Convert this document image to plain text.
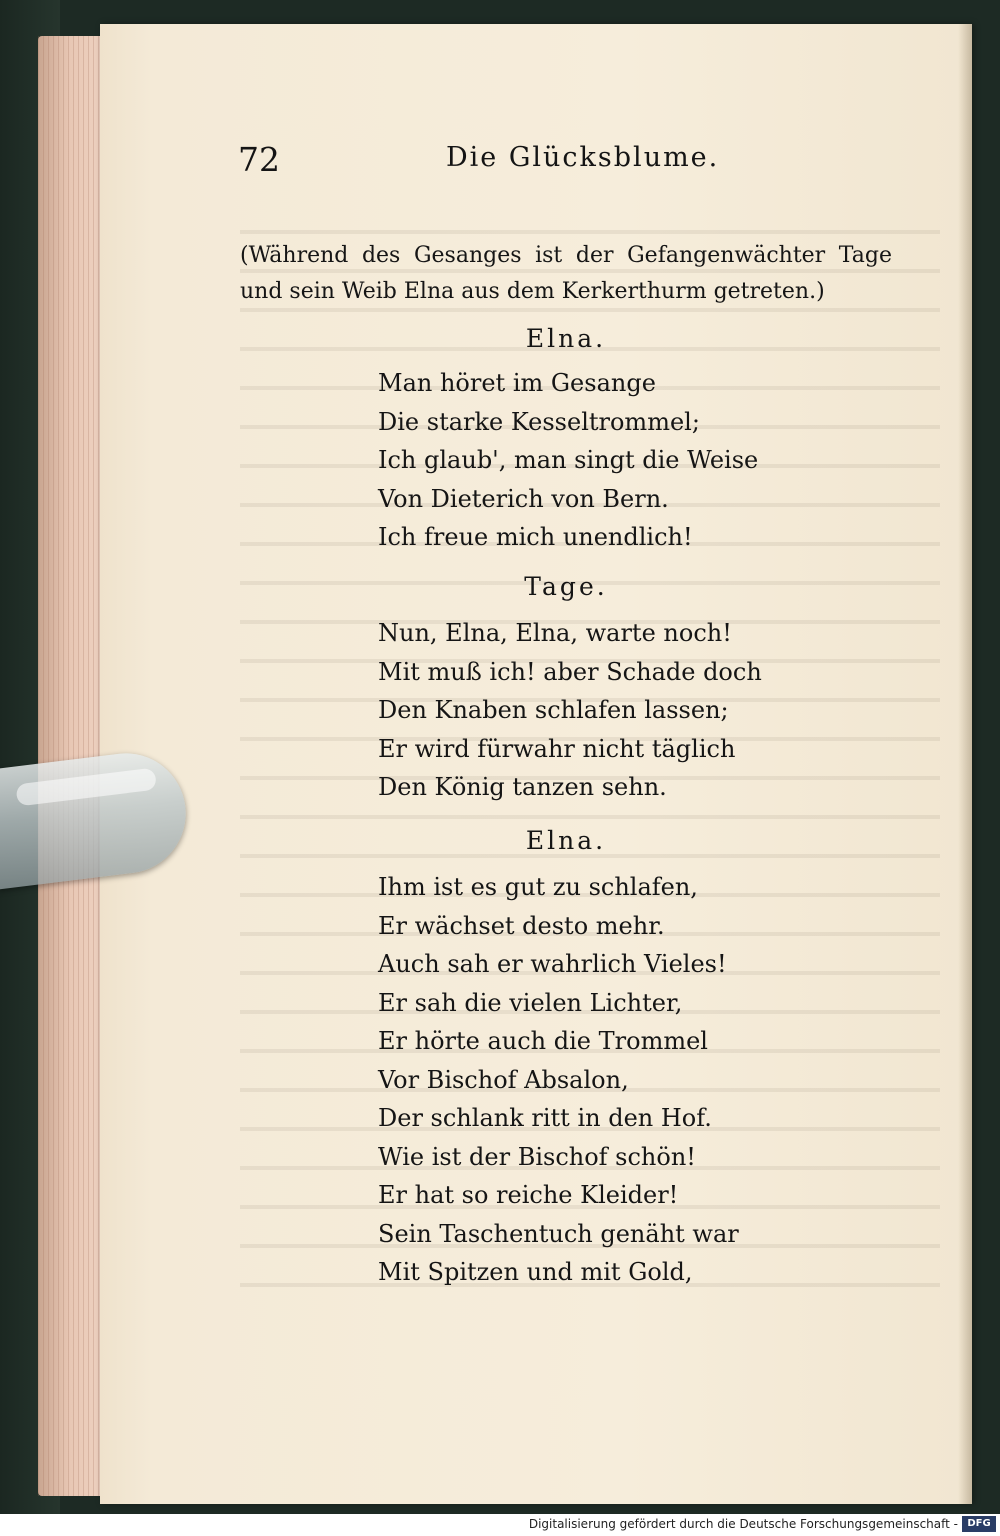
72	Die Glücksblume.
(Während des Gesanges ist der Gefangenwächter Tage und sein Weib Elna aus dem Kerkerthurm getreten.)
Elna.
Man höret im Gesange
Die starke Kesseltrommel;
Ich glaub', man singt die Weise
Von Dieterich von Bern.
Ich freue mich unendlich!
Tage.
Nun, Elna, Elna, warte noch!
Mit muß ich! aber Schade doch
Den Knaben schlafen lassen;
Er wird fürwahr nicht täglich
Den König tanzen sehn.
Elna.
Ihm ist es gut zu schlafen,
Er wächset desto mehr.
Auch sah er wahrlich Vieles!
Er sah die vielen Lichter,
Er hörte auch die Trommel
Vor Bischof Absalon,
Der schlank ritt in den Hof.
Wie ist der Bischof schön!
Er hat so reiche Kleider!
Sein Taschentuch genäht war
Mit Spitzen und mit Gold,
Digitalisierung gefördert durch die Deutsche Forschungsgemeinschaft - DFG
